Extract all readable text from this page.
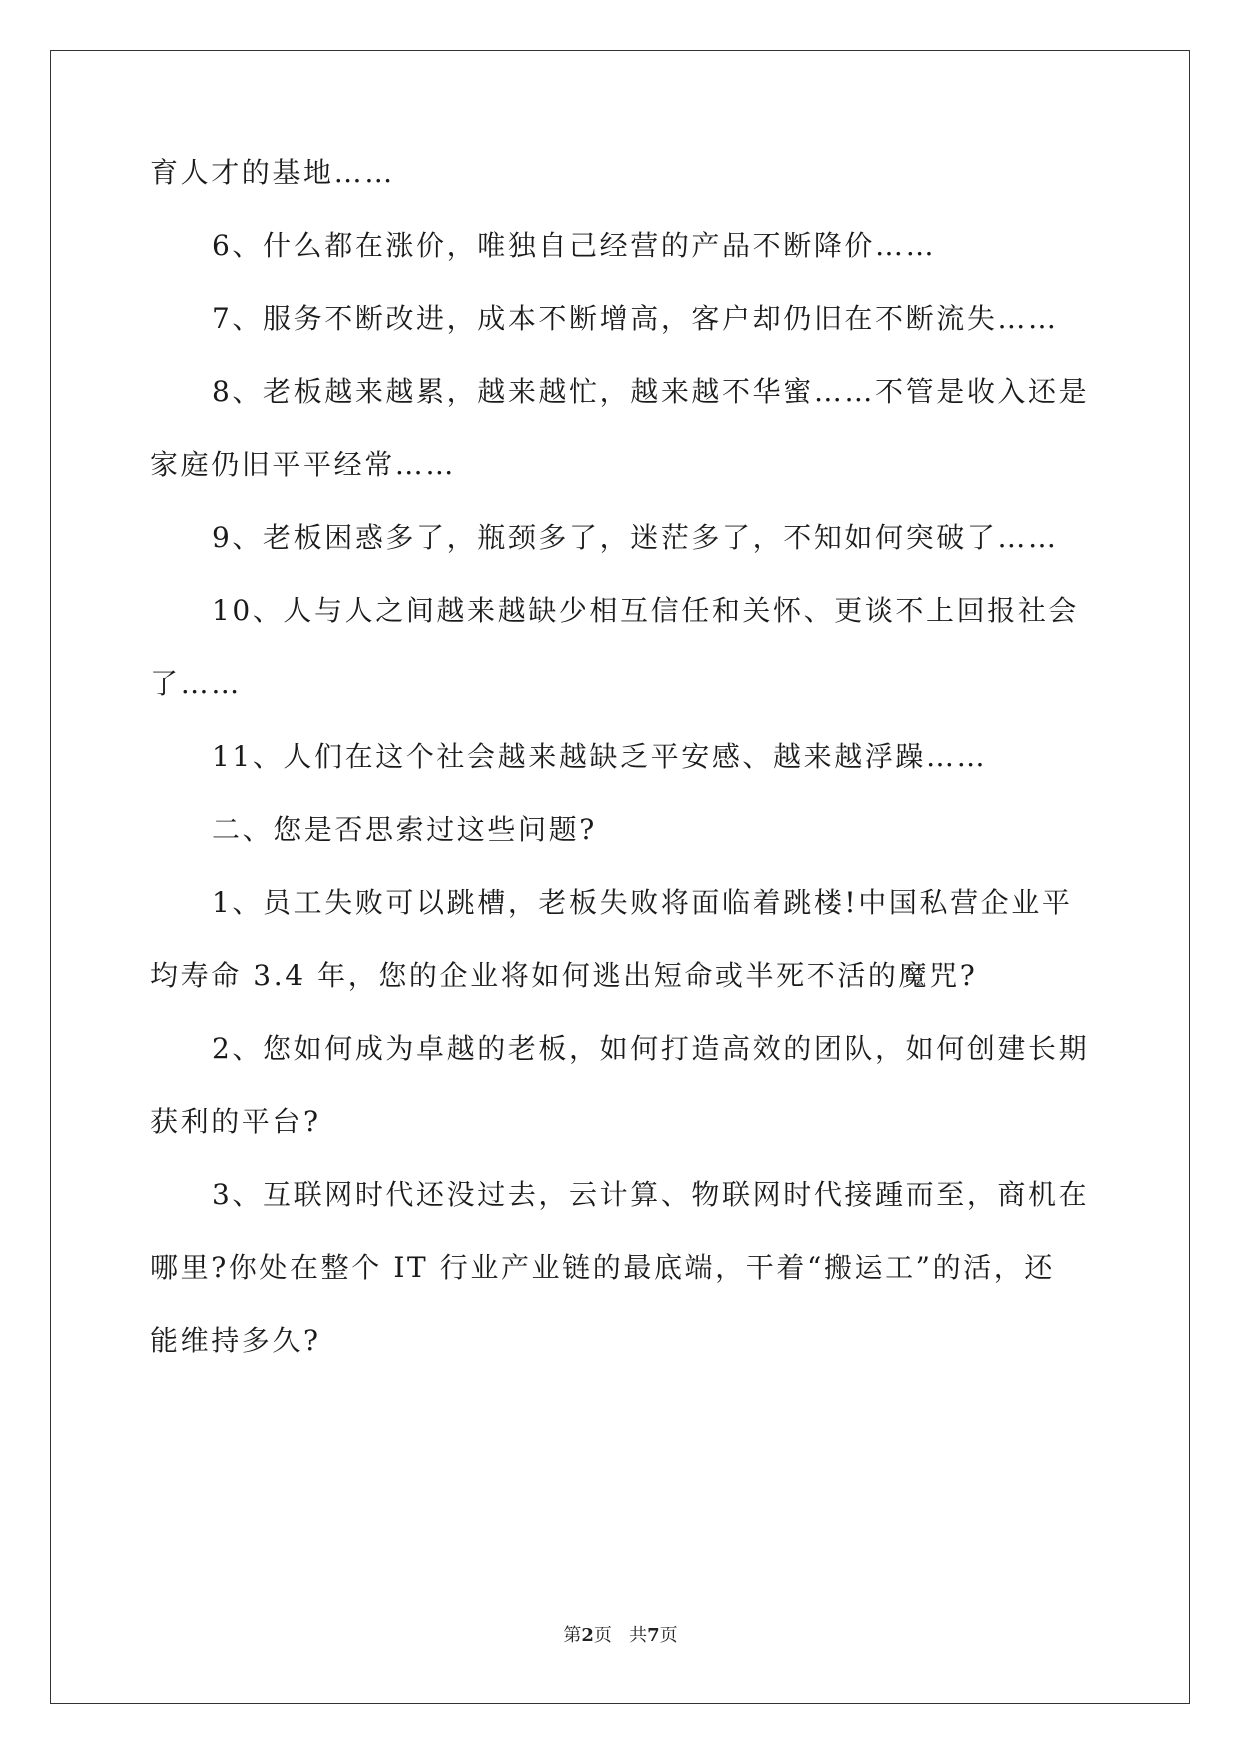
育人才的基地……
6、什么都在涨价，唯独自己经营的产品不断降价……
7、服务不断改进，成本不断增高，客户却仍旧在不断流失……
8、老板越来越累，越来越忙，越来越不华蜜……不管是收入还是
家庭仍旧平平经常……
9、老板困惑多了，瓶颈多了，迷茫多了，不知如何突破了……
10、人与人之间越来越缺少相互信任和关怀、更谈不上回报社会
了……
11、人们在这个社会越来越缺乏平安感、越来越浮躁……
二、您是否思索过这些问题?
1、员工失败可以跳槽，老板失败将面临着跳楼!中国私营企业平
均寿命 3.4 年，您的企业将如何逃出短命或半死不活的魔咒?
2、您如何成为卓越的老板，如何打造高效的团队，如何创建长期
获利的平台?
3、互联网时代还没过去，云计算、物联网时代接踵而至，商机在
哪里?你处在整个 IT 行业产业链的最底端，干着“搬运工”的活，还
能维持多久?
第2页   共7页
